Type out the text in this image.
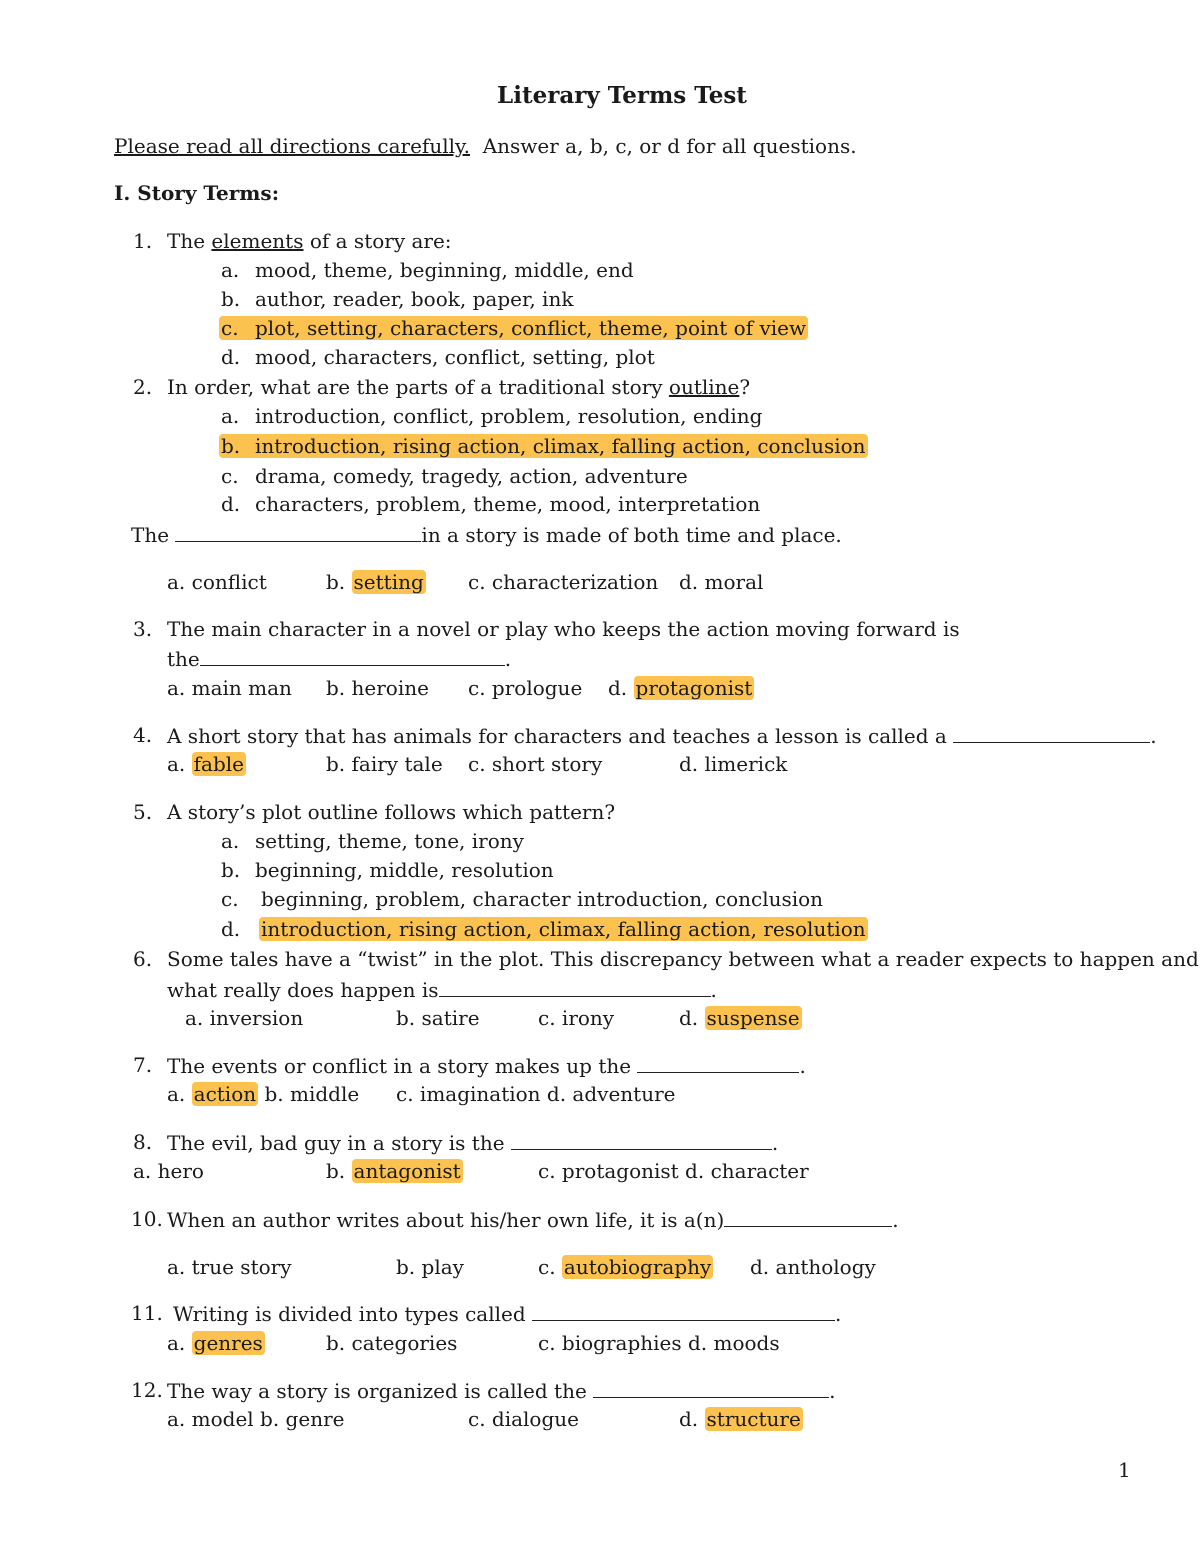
Literary Terms Test
Please read all directions carefully. Answer a, b, c, or d for all questions.
I. Story Terms:
1. The elements of a story are:
a. mood, theme, beginning, middle, end
b. author, reader, book, paper, ink
c. plot, setting, characters, conflict, theme, point of view
d. mood, characters, conflict, setting, plot
2. In order, what are the parts of a traditional story outline?
a. introduction, conflict, problem, resolution, ending
b. introduction, rising action, climax, falling action, conclusion
c. drama, comedy, tragedy, action, adventure
d. characters, problem, theme, mood, interpretation
The	in a story is made of both time and place.
a. conflict	b. setting c. characterization d. moral
3. The main character in a novel or play who keeps the action moving forward is
the	.
a. main man b. heroine c. prologue d. protagonist
4. A short story that has animals for characters and teaches a lesson is called a	.
a. fable	b. fairy tale c. short story	d. limerick
5. A story’s plot outline follows which pattern?
a. setting, theme, tone, irony
b. beginning, middle, resolution
c. beginning, problem, character introduction, conclusion
d. introduction, rising action, climax, falling action, resolution
6. Some tales have a “twist” in the plot. This discrepancy between what a reader expects to happen and
what really does happen is	.
a. inversion	b. satire	c. irony	d. suspense
7. The events or conflict in a story makes up the	.
a. action b. middle c. imagination d. adventure
8. The evil, bad guy in a story is the	.
a. hero	b. antagonist	c. protagonist d. character
10. When an author writes about his/her own life, it is a(n)	.
a. true story	b. play	c. autobiography d. anthology
11. Writing is divided into types called	.
a. genres	b. categories	c. biographies d. moods
12. The way a story is organized is called the	.
a. model b. genre	c. dialogue	d. structure
1
